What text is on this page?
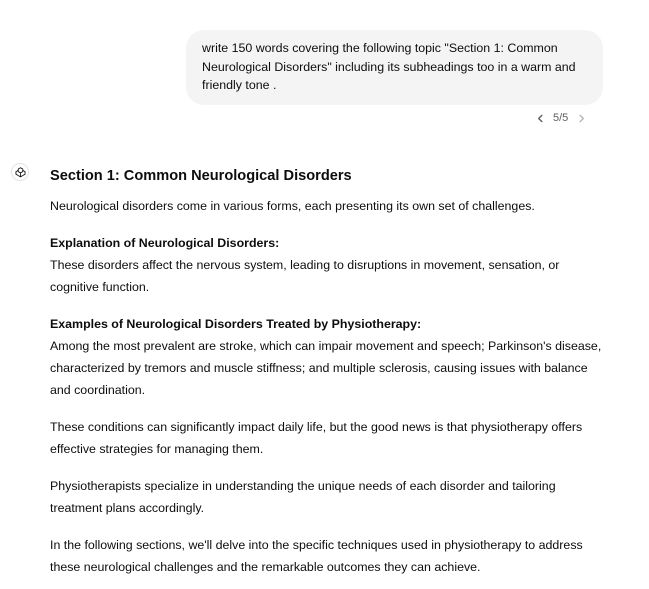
write 150 words covering the following topic "Section 1: Common Neurological Disorders" including its subheadings too in a warm and friendly tone .
5/5
Section 1: Common Neurological Disorders

Neurological disorders come in various forms, each presenting its own set of challenges.

Explanation of Neurological Disorders:
These disorders affect the nervous system, leading to disruptions in movement, sensation, or cognitive function.

Examples of Neurological Disorders Treated by Physiotherapy:
Among the most prevalent are stroke, which can impair movement and speech; Parkinson's disease, characterized by tremors and muscle stiffness; and multiple sclerosis, causing issues with balance and coordination.

These conditions can significantly impact daily life, but the good news is that physiotherapy offers effective strategies for managing them.

Physiotherapists specialize in understanding the unique needs of each disorder and tailoring treatment plans accordingly.

In the following sections, we'll delve into the specific techniques used in physiotherapy to address these neurological challenges and the remarkable outcomes they can achieve.
